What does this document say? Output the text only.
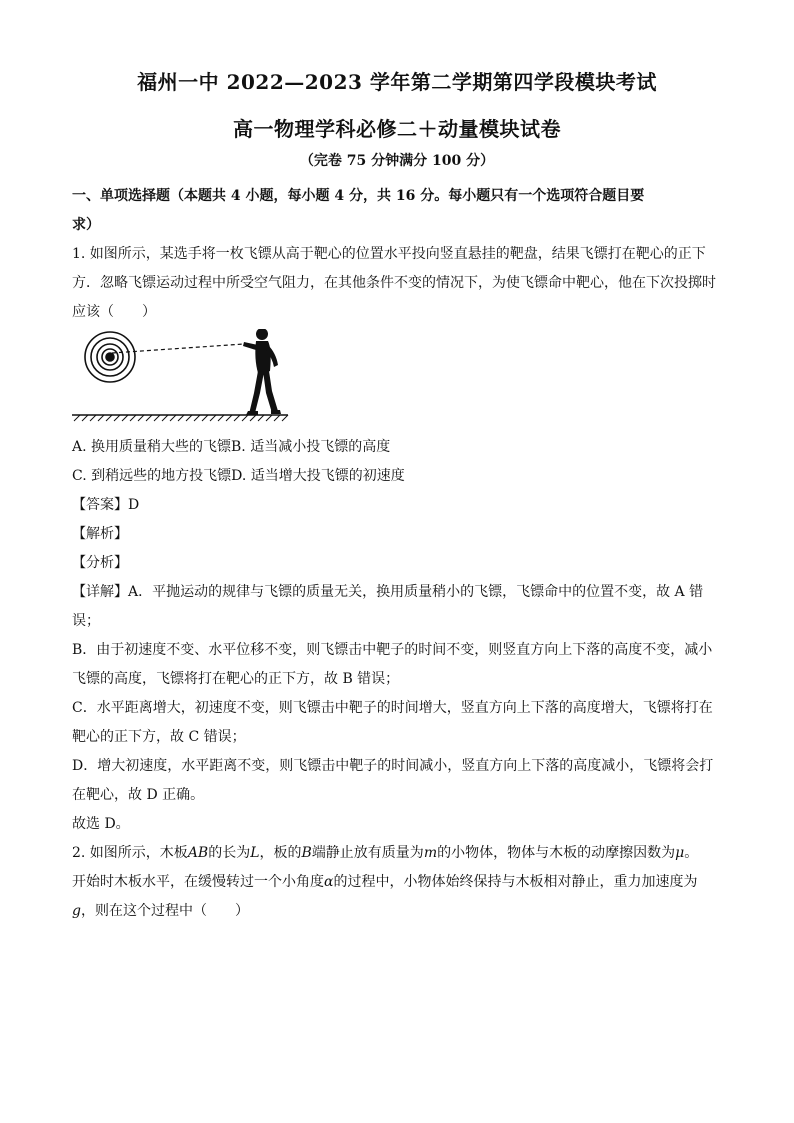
福州一中 2022—2023 学年第二学期第四学段模块考试
高一物理学科必修二＋动量模块试卷
（完卷 75 分钟满分 100 分）
一、单项选择题（本题共 4 小题，每小题 4 分，共 16 分。每小题只有一个选项符合题目要
求）
1. 如图所示，某选手将一枚飞镖从高于靶心的位置水平投向竖直悬挂的靶盘，结果飞镖打在靶心的正下
方．忽略飞镖运动过程中所受空气阻力，在其他条件不变的情况下，为使飞镖命中靶心，他在下次投掷时
应该（　　）
A. 换用质量稍大些的飞镖B. 适当减小投飞镖的高度
C. 到稍远些的地方投飞镖D. 适当增大投飞镖的初速度
【答案】D
【解析】
【分析】
【详解】A．平抛运动的规律与飞镖的质量无关，换用质量稍小的飞镖，飞镖命中的位置不变，故 A 错
误；
B．由于初速度不变、水平位移不变，则飞镖击中靶子的时间不变，则竖直方向上下落的高度不变，减小
飞镖的高度，飞镖将打在靶心的正下方，故 B 错误；
C．水平距离增大，初速度不变，则飞镖击中靶子的时间增大，竖直方向上下落的高度增大，飞镖将打在
靶心的正下方，故 C 错误；
D．增大初速度，水平距离不变，则飞镖击中靶子的时间减小，竖直方向上下落的高度减小，飞镖将会打
在靶心，故 D 正确。
故选 D。
2. 如图所示，木板AB的长为L，板的B端静止放有质量为m的小物体，物体与木板的动摩擦因数为μ。
开始时木板水平，在缓慢转过一个小角度α的过程中，小物体始终保持与木板相对静止，重力加速度为
g，则在这个过程中（　　）
